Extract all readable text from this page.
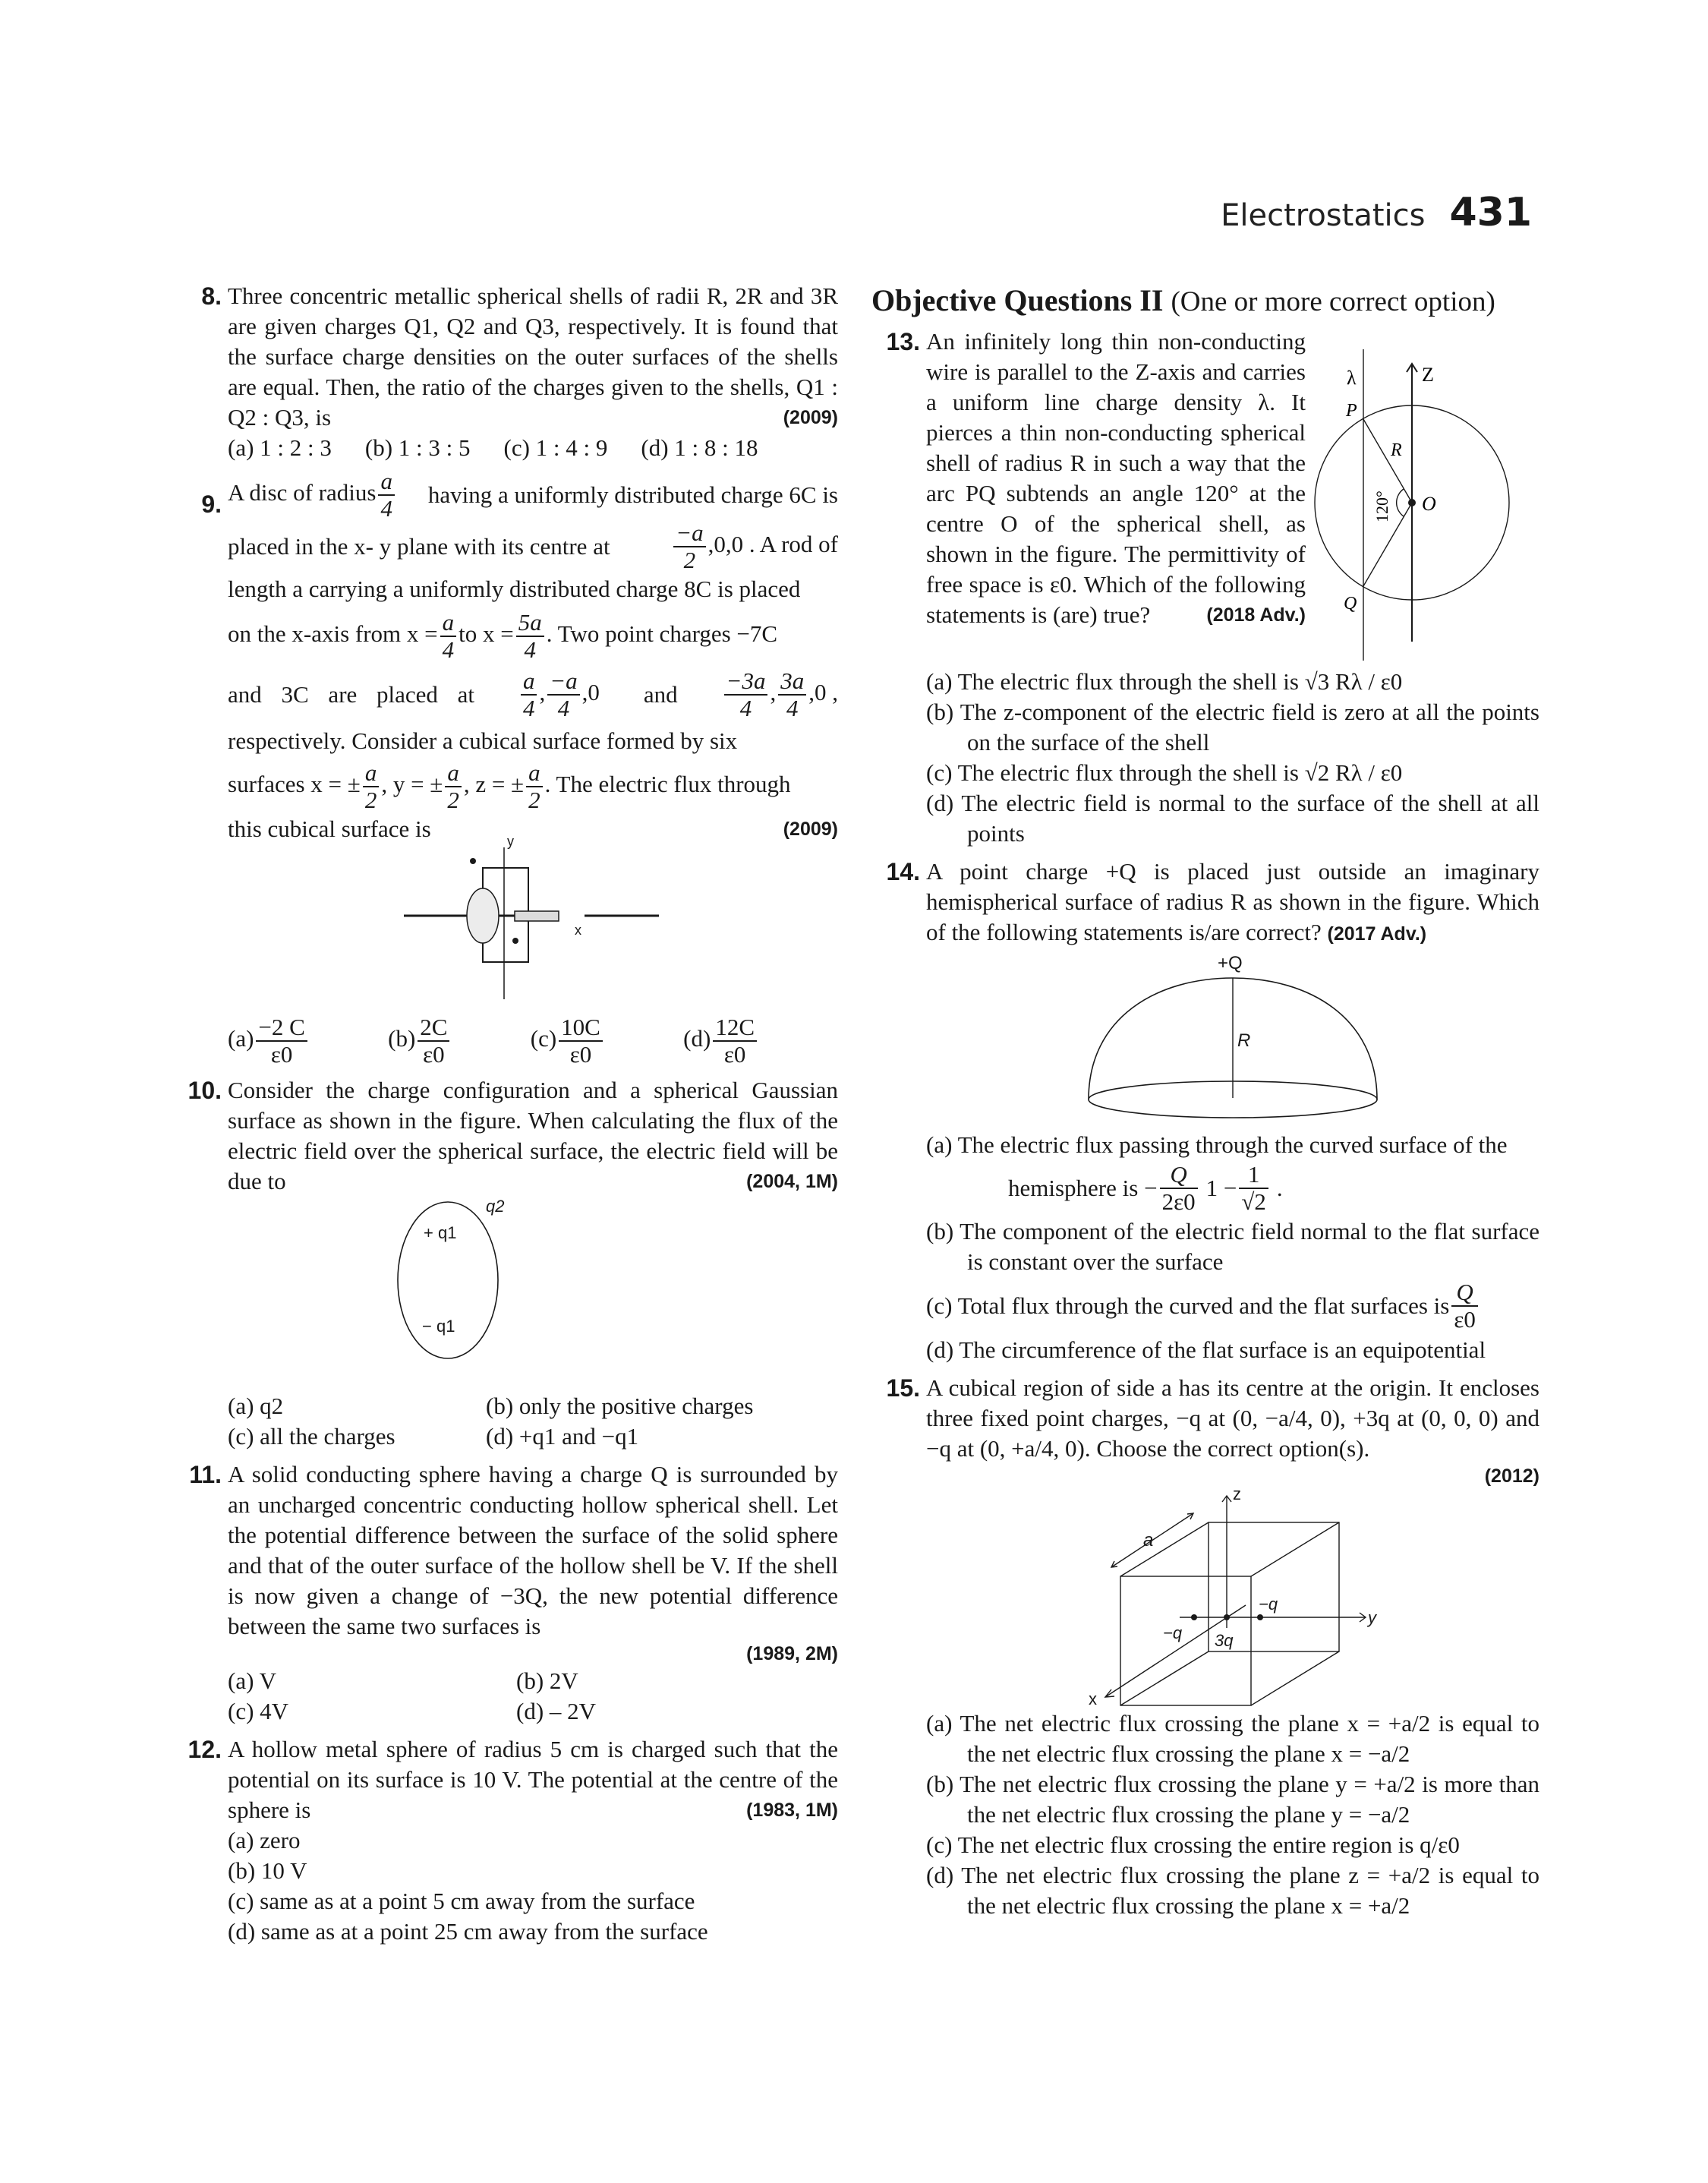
Electrostatics 431
8. Three concentric metallic spherical shells of radii R, 2R and 3R are given charges Q1, Q2 and Q3, respectively. It is found that the surface charge densities on the outer surfaces of the shells are equal. Then, the ratio of the charges given to the shells, Q1 : Q2 : Q3, is	(2009)
(a) 1 : 2 : 3 (b) 1 : 3 : 5 (c) 1 : 4 : 9 (d) 1 : 8 : 18
9. A disc of radius $\frac{a}{4}$ having a uniformly distributed charge 6C is
placed in the x- y plane with its centre at	$\frac{-a}{2} ,0,0$ . A rod of
length a carrying a uniformly distributed charge 8C is placed
on the x-axis from $x = \frac{a}{4}$ to $x = \frac{5a}{4}$ . Two point charges −7C
and 3C are placed at $\frac{a}{4}$ , $\frac{-a}{4} ,0$ and $\frac{-3a}{4}$ , $\frac{3a}{4} ,0$ ,
respectively. Consider a cubical surface formed by six
surfaces x = ± $\frac{a}{2}$ , y = ± $\frac{a}{2}$ , z = ± $\frac{a}{2}$ . The electric flux through
this cubical surface is	(2009)
y
x
$(a) \frac{-2 C}{\varepsilon 0}$	$(b) \frac{2C}{\varepsilon 0}$	$(c) \frac{10C}{\varepsilon 0}$	$(d) \frac{12C}{\varepsilon 0}$
10. Consider the charge configuration and a spherical Gaussian surface as shown in the figure. When calculating the flux of the electric field over the spherical surface, the electric field will be due to	(2004, 1M)
q2
+ q1
− q1
(a) q2	(b) only the positive charges
(c) all the charges	(d) +q1 and −q1
11. A solid conducting sphere having a charge Q is surrounded by an uncharged concentric conducting hollow spherical shell. Let the potential difference between the surface of the solid sphere and that of the outer surface of the hollow shell be V. If the shell is now given a change of −3Q, the new potential difference between the same two surfaces is
(1989, 2M)
(a) V	(b) 2V
(c) 4V	(d) – 2V
12. A hollow metal sphere of radius 5 cm is charged such that the potential on its surface is 10 V. The potential at the centre of the sphere is	(1983, 1M)
(a) zero
(b) 10 V
(c) same as at a point 5 cm away from the surface
(d) same as at a point 25 cm away from the surface
Objective Questions II (One or more correct option)
13. An infinitely long thin non-conducting wire is parallel to the Z-axis and carries a uniform line charge density λ. It pierces a thin non-conducting spherical shell of radius R in such a way that the arc PQ subtends an angle 120° at the centre O of the spherical shell, as shown in the figure. The permittivity of free space is ε0. Which of the following statements is (are) true?	(2018 Adv.)
λ	Z
P
R
O
Q
120°
(a) The electric flux through the shell is √3 Rλ / ε0
(b) The z-component of the electric field is zero at all the points on the surface of the shell
(c) The electric flux through the shell is √2 Rλ / ε0
(d) The electric field is normal to the surface of the shell at all points
14. A point charge +Q is placed just outside an imaginary hemispherical surface of radius R as shown in the figure. Which of the following statements is/are correct? (2017 Adv.)
+Q
R
(a) The electric flux passing through the curved surface of the
hemisphere is − $\frac{Q}{2\varepsilon 0} 1 - \frac{1}{√2}$ .
(b) The component of the electric field normal to the flat surface is constant over the surface
(c) Total flux through the curved and the flat surfaces is $\frac{Q}{\varepsilon 0}$
(d) The circumference of the flat surface is an equipotential
15. A cubical region of side a has its centre at the origin. It encloses three fixed point charges, −q at (0, −a/4, 0), +3q at (0, 0, 0) and −q at (0, +a/4, 0). Choose the correct option(s).
(2012)
z
y
x
a
−q
−q
3q
(a) The net electric flux crossing the plane x = +a/2 is equal to the net electric flux crossing the plane x = −a/2
(b) The net electric flux crossing the plane y = +a/2 is more than the net electric flux crossing the plane y = −a/2
(c) The net electric flux crossing the entire region is q/ε0
(d) The net electric flux crossing the plane z = +a/2 is equal to the net electric flux crossing the plane x = +a/2
